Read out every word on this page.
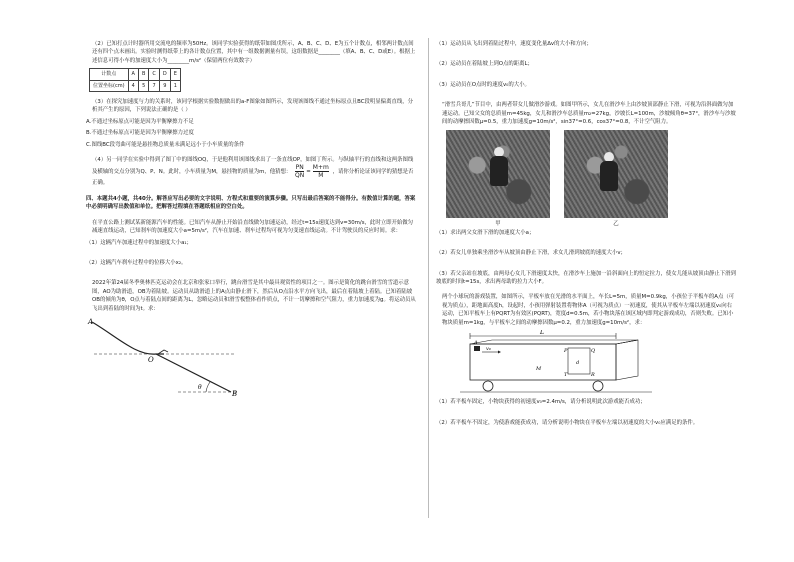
（2）已知打点计时器所用交流电的频率为50Hz。该同学实验获得的纸带如图戊所示，A、B、C、D、E为五个计数点，相邻两计数点间还有四个点未画出。实验时测得纸带上的各计数点位置，其中有一组数据测量有误，这组数据是________（填A、B、C、D或E）。根据上述信息可得小车的加速度大小为________m/s²（保留两位有效数字）

计数点	A	B	C	D	E
位置坐标(cm)	4	5	7	9	1

（3）在探究加速度与力的关系时，该同学根据实验数据做出的a-F图象如图所示，发现该图线不通过坐标原点且BC段明显偏离直线，分析其产生的原因，下列说法正确的是（ ）

A.不通过坐标原点可能是因为平衡摩擦力不足

B.不通过坐标原点可能是因为平衡摩擦力过度

C.图线BC段弯曲可能是悬挂物总质量未满足远小于小车质量的条件

（4）另一同学在实验中得到了图丁中的图线OQ，于是他利用该图线求出了一条直线OP，如图丁所示。与纵轴平行的直线和这两条图线及横轴的交点分别为Q、P、N。此时，小车质量为M，悬挂物的质量为m，他猜想： $\frac{PN}{QN} = \frac{M+m}{M}$ ，请你分析论证该同学的猜想是否正确。

四、本题共4小题，共40分。解答应写出必要的文字说明、方程式和重要的演算步骤。只写出最后答案的不能得分。有数值计算的题，答案中必须明确写出数值和单位。把解答过程填在答题纸相应的空白处。

在平直公路上测试某新能源汽车的性能。已知汽车从静止开始沿直线做匀加速运动，经过t=15s速度达到v=30m/s，此时立即开始做匀减速直线运动，已知刹车的加速度大小a=5m/s²，汽车在加速、刹车过程均可视为匀变速直线运动。不计驾驶员的反应时间。求：

（1）这辆汽车加速过程中的加速度大小a₁；

（2）这辆汽车刹车过程中的位移大小x₂。

2022年第24届冬季奥林匹克运动会在北京和张家口举行，跳台滑雪是其中最具观赏性的项目之一。图示是简化的跳台滑雪的雪道示意图，AO为助滑道，OB为着陆坡。运动员从助滑道上的A点由静止滑下，然后从O点沿水平方向飞出，最后在着陆坡上着陆。已知着陆坡OB的倾角为θ，O点与着陆点间的距离为L，忽略运动员和滑雪板整体看作质点，不计一切摩擦和空气阻力，重力加速度为g。将运动员从飞出到着陆的时间为t。求：

A
O
B
θ

（1）运动员从飞出到着陆过程中，速度变化量Δv的大小和方向；

（2）运动员在着陆坡上到O点的距离L；

（3）运动员在O点时的速度v₀的大小。

“滑雪兵哥儿”节目中，由两者带女儿做滑沙游戏。如图甲所示，女儿在滑沙车上由沙坡顶部静止下滑，可视为沿斜面做匀加速运动。已知父女的总质量m=45kg，女儿和滑沙车总质量m₂=27kg，沙坡长L=100m，沙坡倾角θ=37°，滑沙车与沙坡间的动摩擦因数μ=0.5，重力加速度g=10m/s²，sin37°=0.6，cos37°=0.8，不计空气阻力。

甲	乙

（1）求出两父女滑下滑的加速度大小a；

（2）若女儿单独乘坐滑沙车从坡顶由静止下滑，求女儿滑到坡底的速度大小v；

（3）若父亲站在坡底，由两母心女儿下滑速度太快，在滑沙车上施加一沿斜面向上的恒定拉力，使女儿能从坡顶由静止下滑到坡底的时间t=15s，求出两母助的拉力大小F。

两个小球玩的游戏装置，如图所示，平板车放在光滑的水平面上，车长L=5m，质量M=0.9kg，小孩位于平板车的A点（可视为质点），距地面高度h，设起时，小孩用弹射装置将物体A（可视为质点）一初速度，使其从平板车左端以初速度v₀向右运动，已知平板车上有PQRT为有效区(PQRT)，宽度d=0.5m，若小物块落在该区域内即判定游戏成功，否则失败。已知小物块质量m=1kg，与平板车之间的动摩擦因数μ=0.2，重力加速度g=10m/s²，求：

L
A
v₀	P	Q
R
T
d
M

（1）若平板车固定，小物块获得的初速度v₀=2.4m/s，请分析说明此次游戏能否成功；

（2）若平板车不固定，为使游戏能获成功，请分析说明小物块在平板车左端以初速度的大小v₀应满足的条件。
